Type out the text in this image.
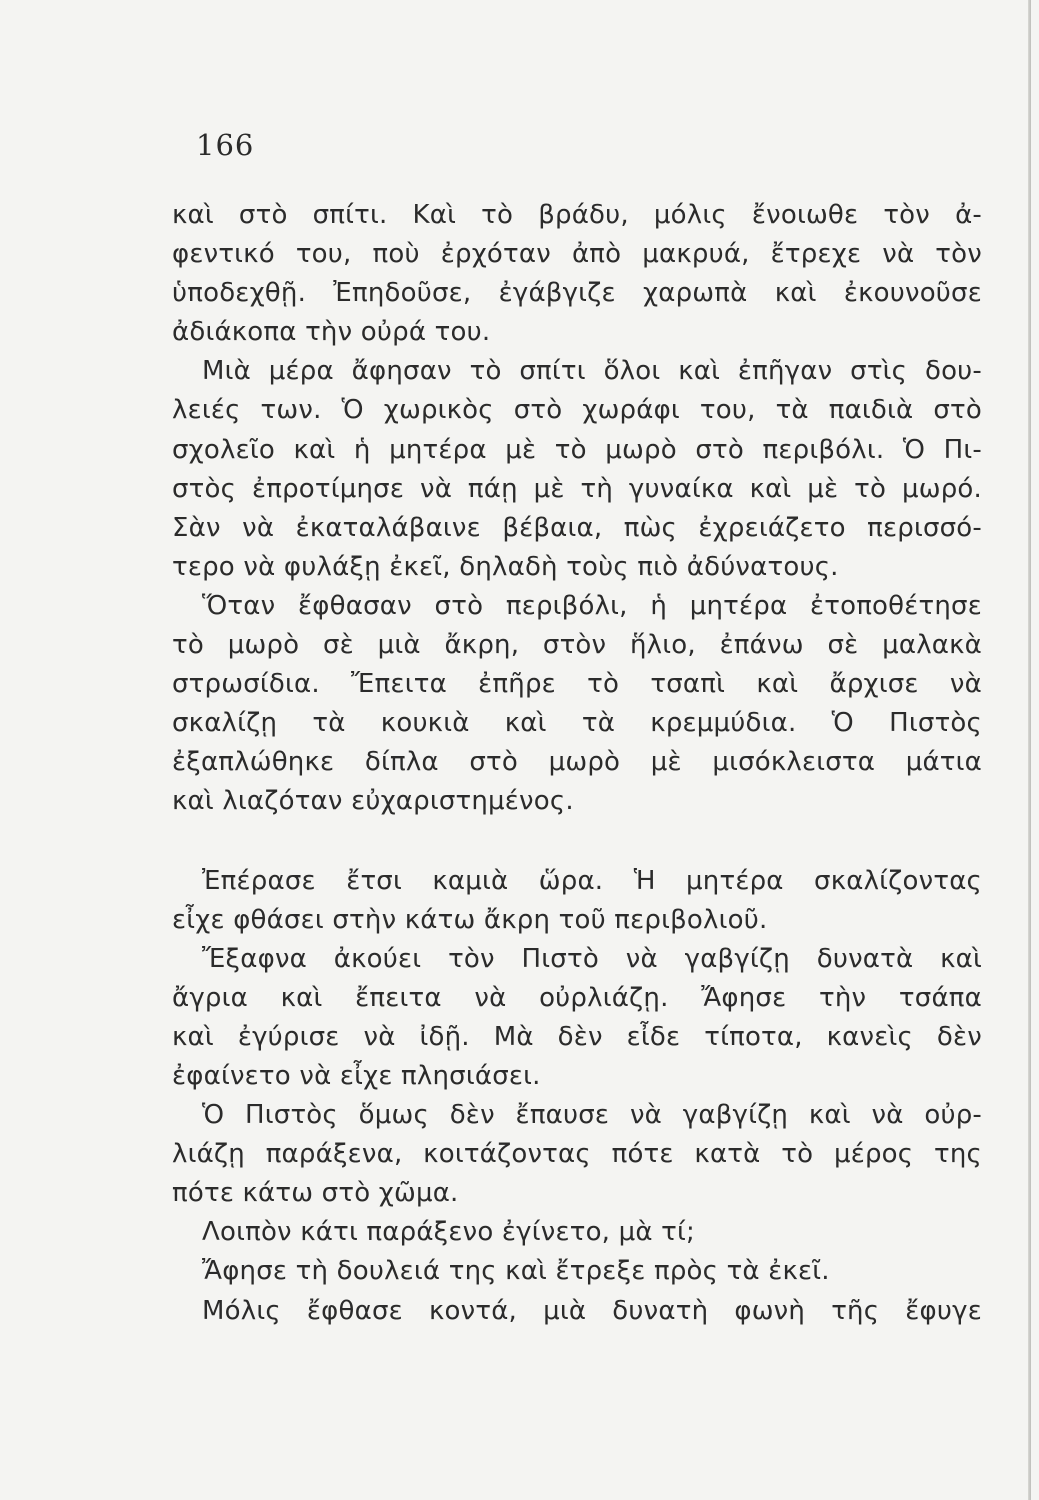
166
καὶ στὸ σπίτι. Καὶ τὸ βράδυ, μόλις ἔνοιωθε τὸν ἀ-
φεντικό του, ποὺ ἐρχόταν ἀπὸ μακρυά, ἔτρεχε νὰ τὸν
ὑποδεχθῇ. Ἐπηδοῦσε, ἐγάβγιζε χαρωπὰ καὶ ἐκουνοῦσε
ἀδιάκοπα τὴν οὐρά του.
Μιὰ μέρα ἄφησαν τὸ σπίτι ὅλοι καὶ ἐπῆγαν στὶς δου-
λειές των. Ὁ χωρικὸς στὸ χωράφι του, τὰ παιδιὰ στὸ
σχολεῖο καὶ ἡ μητέρα μὲ τὸ μωρὸ στὸ περιβόλι. Ὁ Πι-
στὸς ἐπροτίμησε νὰ πάῃ μὲ τὴ γυναίκα καὶ μὲ τὸ μωρό.
Σὰν νὰ ἐκαταλάβαινε βέβαια, πὼς ἐχρειάζετο περισσό-
τερο νὰ φυλάξῃ ἐκεῖ, δηλαδὴ τοὺς πιὸ ἀδύνατους.
Ὅταν ἔφθασαν στὸ περιβόλι, ἡ μητέρα ἐτοποθέτησε
τὸ μωρὸ σὲ μιὰ ἄκρη, στὸν ἥλιο, ἐπάνω σὲ μαλακὰ
στρωσίδια. Ἔπειτα ἐπῆρε τὸ τσαπὶ καὶ ἄρχισε νὰ
σκαλίζῃ τὰ κουκιὰ καὶ τὰ κρεμμύδια. Ὁ Πιστὸς
ἐξαπλώθηκε δίπλα στὸ μωρὸ μὲ μισόκλειστα μάτια
καὶ λιαζόταν εὐχαριστημένος.
Ἐπέρασε ἔτσι καμιὰ ὥρα. Ἡ μητέρα σκαλίζοντας
εἶχε φθάσει στὴν κάτω ἄκρη τοῦ περιβολιοῦ.
Ἔξαφνα ἀκούει τὸν Πιστὸ νὰ γαβγίζῃ δυνατὰ καὶ
ἄγρια καὶ ἔπειτα νὰ οὐρλιάζῃ. Ἄφησε τὴν τσάπα
καὶ ἐγύρισε νὰ ἰδῇ. Μὰ δὲν εἶδε τίποτα, κανεὶς δὲν
ἐφαίνετο νὰ εἶχε πλησιάσει.
Ὁ Πιστὸς ὅμως δὲν ἔπαυσε νὰ γαβγίζῃ καὶ νὰ οὐρ-
λιάζῃ παράξενα, κοιτάζοντας πότε κατὰ τὸ μέρος της
πότε κάτω στὸ χῶμα.
Λοιπὸν κάτι παράξενο ἐγίνετο, μὰ τί;
Ἄφησε τὴ δουλειά της καὶ ἔτρεξε πρὸς τὰ ἐκεῖ.
Μόλις ἔφθασε κοντά, μιὰ δυνατὴ φωνὴ τῆς ἔφυγε
